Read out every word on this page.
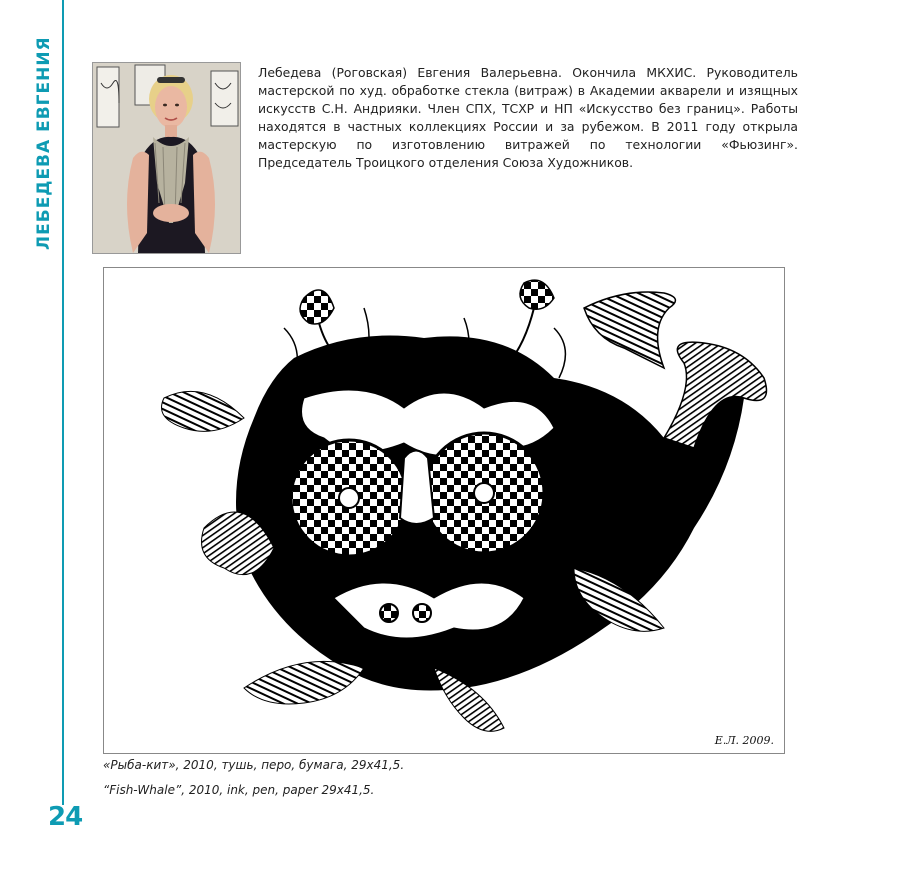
ЛЕБЕДЕВА ЕВГЕНИЯ
24
Лебедева (Роговская) Евгения Валерьевна. Окончила МКХИС. Руководитель мастерской по худ. обработке стекла (витраж) в Академии акварели и изящных искусств С.Н. Андрияки. Член СПХ, ТСХР и НП «Искусство без границ». Работы находятся в частных коллекциях России и за рубежом. В 2011 году открыла мастерскую по изготовлению витражей по технологии «Фьюзинг». Председатель Троицкого отделения Союза Художников.
Е.Л. 2009.
«Рыба-кит», 2010, тушь, перо, бумага, 29х41,5.
“Fish-Whale”, 2010, ink, pen, paper 29x41,5.
